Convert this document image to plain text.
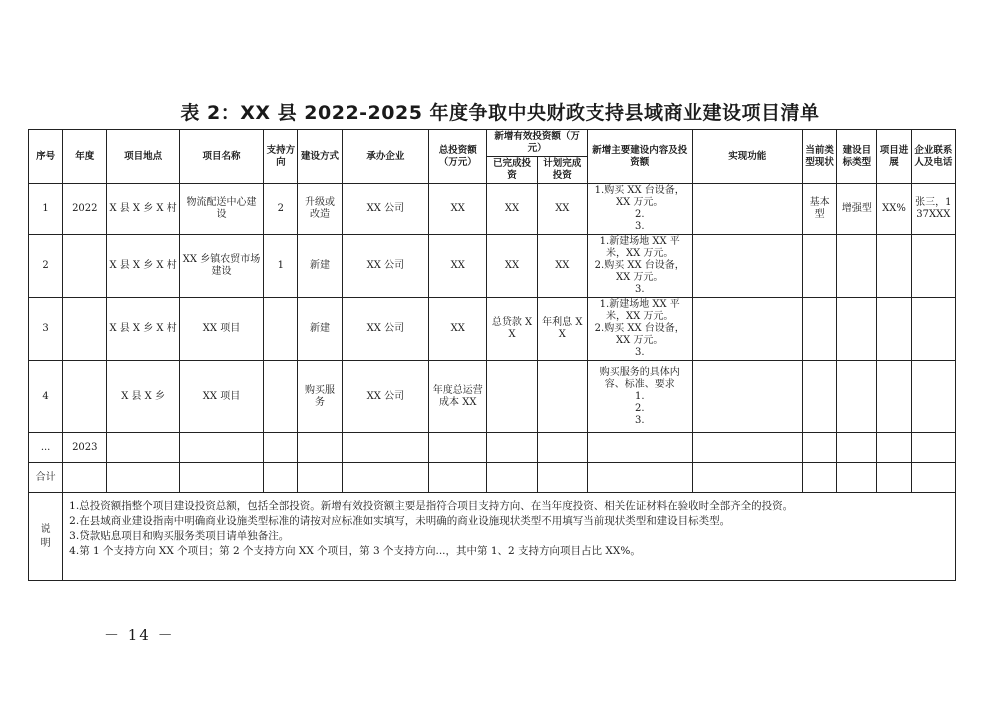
表 2：XX 县 2022-2025 年度争取中央财政支持县域商业建设项目清单
序号	年度	项目地点	项目名称	支持方向	建设方式	承办企业	总投资额（万元）	新增有效投资额（万元）		新增主要建设内容及投资额	实现功能	当前类型现状	建设目标类型	项目进展	企业联系人及电话
								已完成投资	计划完成投资						
1	2022	X 县 X 乡 X 村	物流配送中心建设	2	升级或改造	XX 公司	XX	XX	XX	1.购买 XX 台设备，
XX 万元。
2.
3.		基本型	增强型	XX%	张三，137XXX
2		X 县 X 乡 X 村	XX 乡镇农贸市场建设	1	新建	XX 公司	XX	XX	XX	1.新建场地 XX 平
米，XX 万元。
2.购买 XX 台设备，
XX 万元。
3.					

3		X 县 X 乡 X 村	XX 项目		新建	XX 公司	XX	总贷款 XX	年利息 XX	1.新建场地 XX 平
米，XX 万元。
2.购买 XX 台设备，
XX 万元。
3.					

4		X 县 X 乡	XX 项目		购买服务	XX 公司	年度总运营成本 XX			购买服务的具体内
容、标准、要求
1.
2.
3.					

...	2023														
合计															
说明	1.总投资额指整个项目建设投资总额，包括全部投资。新增有效投资额主要是指符合项目支持方向、在当年度投资、相关佐证材料在验收时全部齐全的投资。
2.在县域商业建设指南中明确商业设施类型标准的请按对应标准如实填写，未明确的商业设施现状类型不用填写当前现状类型和建设目标类型。
3.贷款贴息项目和购买服务类项目请单独备注。
4.第 1 个支持方向 XX 个项目；第 2 个支持方向 XX 个项目，第 3 个支持方向...，其中第 1、2 支持方向项目占比 XX%。														
－ 14 －
